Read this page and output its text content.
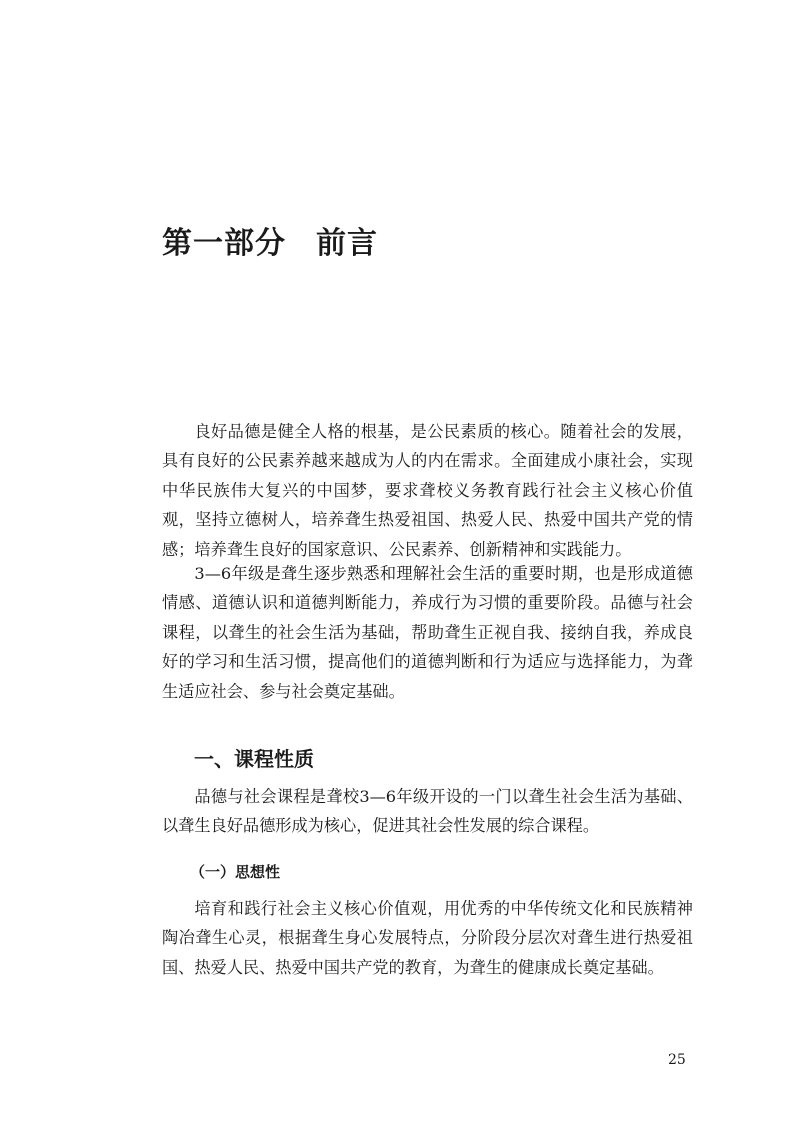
第一部分 前言

良好品德是健全人格的根基，是公民素质的核心。随着社会的发展，具有良好的公民素养越来越成为人的内在需求。全面建成小康社会，实现中华民族伟大复兴的中国梦，要求聋校义务教育践行社会主义核心价值观，坚持立德树人，培养聋生热爱祖国、热爱人民、热爱中国共产党的情感；培养聋生良好的国家意识、公民素养、创新精神和实践能力。

3—6年级是聋生逐步熟悉和理解社会生活的重要时期，也是形成道德情感、道德认识和道德判断能力，养成行为习惯的重要阶段。品德与社会课程，以聋生的社会生活为基础，帮助聋生正视自我、接纳自我，养成良好的学习和生活习惯，提高他们的道德判断和行为适应与选择能力，为聋生适应社会、参与社会奠定基础。

一、课程性质

品德与社会课程是聋校3—6年级开设的一门以聋生社会生活为基础、以聋生良好品德形成为核心，促进其社会性发展的综合课程。

（一）思想性

培育和践行社会主义核心价值观，用优秀的中华传统文化和民族精神陶冶聋生心灵，根据聋生身心发展特点，分阶段分层次对聋生进行热爱祖国、热爱人民、热爱中国共产党的教育，为聋生的健康成长奠定基础。

25
